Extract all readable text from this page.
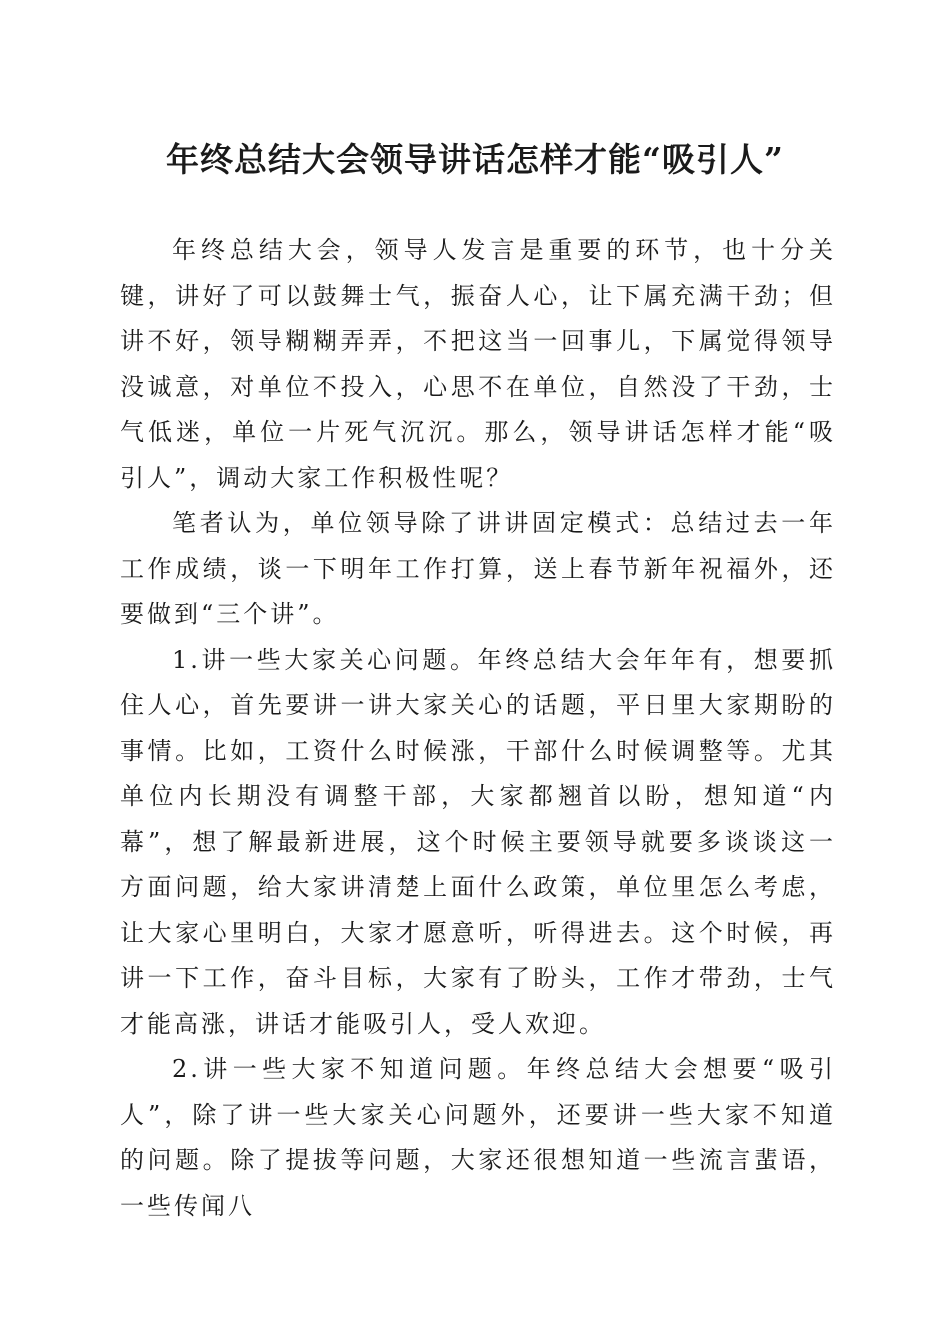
年终总结大会领导讲话怎样才能“吸引人”

年终总结大会，领导人发言是重要的环节，也十分关键，讲好了可以鼓舞士气，振奋人心，让下属充满干劲；但讲不好，领导糊糊弄弄，不把这当一回事儿，下属觉得领导没诚意，对单位不投入，心思不在单位，自然没了干劲，士气低迷，单位一片死气沉沉。那么，领导讲话怎样才能“吸引人”，调动大家工作积极性呢？

笔者认为，单位领导除了讲讲固定模式：总结过去一年工作成绩，谈一下明年工作打算，送上春节新年祝福外，还要做到“三个讲”。

1.讲一些大家关心问题。年终总结大会年年有，想要抓住人心，首先要讲一讲大家关心的话题，平日里大家期盼的事情。比如，工资什么时候涨，干部什么时候调整等。尤其单位内长期没有调整干部，大家都翘首以盼，想知道“内幕”，想了解最新进展，这个时候主要领导就要多谈谈这一方面问题，给大家讲清楚上面什么政策，单位里怎么考虑，让大家心里明白，大家才愿意听，听得进去。这个时候，再讲一下工作，奋斗目标，大家有了盼头，工作才带劲，士气才能高涨，讲话才能吸引人，受人欢迎。

2.讲一些大家不知道问题。年终总结大会想要“吸引人”，除了讲一些大家关心问题外，还要讲一些大家不知道的问题。除了提拔等问题，大家还很想知道一些流言蜚语，一些传闻八
